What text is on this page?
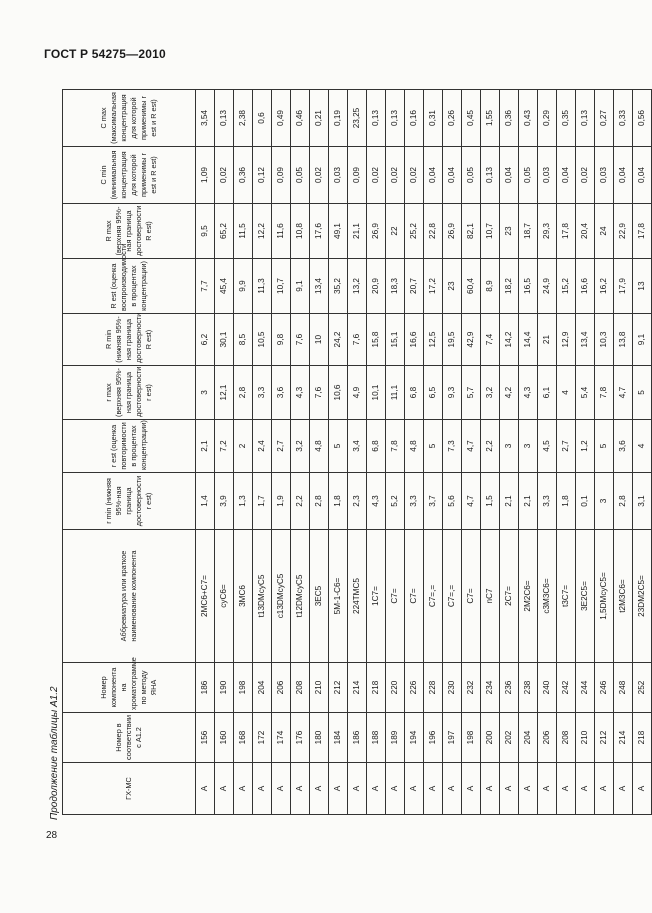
ГОСТ Р 54275—2010
Продолжение таблицы А1.2	ГХ-МС	Номер в соответствии с А1.2	Номер компонента на хроматограмме по методу ЯНА	Аббревиатура или краткое наименование компонента	r min (нижняя 95%-ная граница достоверности r est)	r est (оценка повторимости в процентах концентрации)	r max (верхняя 95%-ная граница достоверности r est)	R min (нижняя 95%-ная граница достоверности R est)	R est (оценка воспроизводимости в процентах концентрации)	R max (верхняя 95%-ная граница достоверности R est)	C min (минимальная концентрация для которой применимы r est и R est)	C max (максимальная концентрация для которой применимы r est и R est)
А	156	186	2МС6+С7=	1,4	2,1	3	6,2	7,7	9,5	1,09	3,54
А	160	190	cyC6=	3,9	7,2	12,1	30,1	45,4	65,2	0,02	0,13
А	168	198	3MC6	1,3	2	2,8	8,5	9,9	11,5	0,36	2,38
А	172	204	t13DMcyC5	1,7	2,4	3,3	10,5	11,3	12,2	0,12	0,6
А	174	206	c13DMcyC5	1,9	2,7	3,6	9,8	10,7	11,6	0,09	0,49
А	176	208	t12DMcyC5	2,2	3,2	4,3	7,6	9,1	10,8	0,05	0,46
А	180	210	3EC5	2,8	4,8	7,6	10	13,4	17,6	0,02	0,21
А	184	212	5M-1-C6=	1,8	5	10,6	24,2	35,2	49,1	0,03	0,19
А	186	214	224TMC5	2,3	3,4	4,9	7,6	13,2	21,1	0,09	23,25
А	188	218	1C7=	4,3	6,8	10,1	15,8	20,9	26,9	0,02	0,13
А	189	220	C7=	5,2	7,8	11,1	15,1	18,3	22	0,02	0,13
А	194	226	C7=	3,3	4,8	6,8	16,6	20,7	25,2	0,02	0,16
А	196	228	C7=,=	3,7	5	6,5	12,5	17,2	22,8	0,04	0,31
А	197	230	C7=,=	5,6	7,3	9,3	19,5	23	26,9	0,04	0,26
А	198	232	C7=	4,7	4,7	5,7	42,9	60,4	82,1	0,05	0,45
А	200	234	nC7	1,5	2,2	3,2	7,4	8,9	10,7	0,13	1,55
А	202	236	2C7=	2,1	3	4,2	14,2	18,2	23	0,04	0,36
А	204	238	2M2C6=	2,1	3	4,3	14,4	16,5	18,7	0,05	0,43
А	206	240	c3M3C6=	3,3	4,5	6,1	21	24,9	29,3	0,03	0,29
А	208	242	t3C7=	1,8	2,7	4	12,9	15,2	17,8	0,04	0,35
А	210	244	3E2C5=	0,1	1,2	5,4	13,4	16,6	20,4	0,02	0,13
А	212	246	1,5DMcyC5=	3	5	7,8	10,3	16,2	24	0,03	0,27
А	214	248	t2M3C6=	2,8	3,6	4,7	13,8	17,9	22,9	0,04	0,33
А	218	252	23DM2C5=	3,1	4	5	9,1	13	17,8	0,04	0,56
28
